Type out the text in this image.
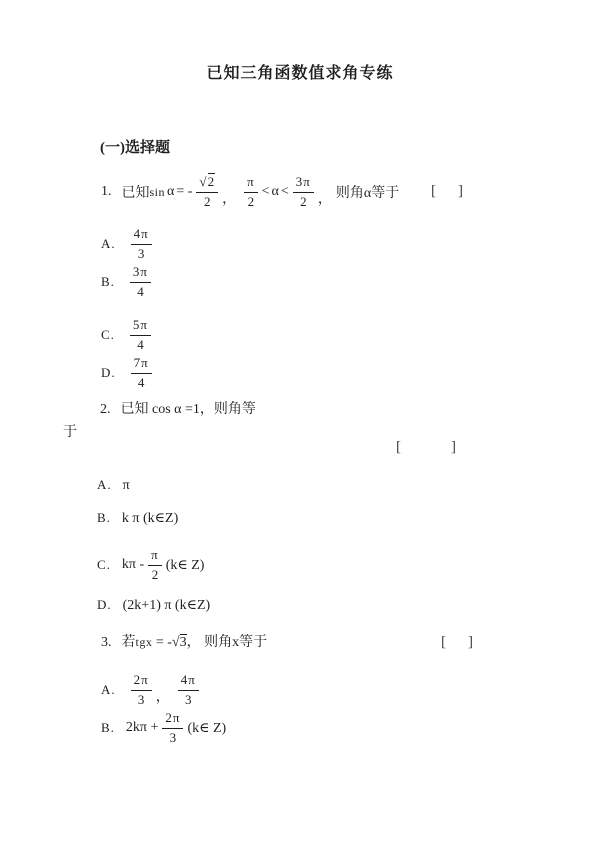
已知三角函数值求角专练
(一)选择题
1. 已知 sin α = - $\frac{√2}{2}$ ， $\frac{\pi}{2} < \alpha < \frac{3\pi}{2}$ ， 则角α等于 [ ]
A. $\frac{4\pi}{3}$
B. $\frac{3\pi}{4}$
C. $\frac{5\pi}{4}$
D. $\frac{7\pi}{4}$
2. 已知 cos α =1，则角等
于
[	]
A. π
B. k π (k∈Z)
C. kπ - $\frac{\pi}{2}$ (k∈ Z)
D. (2k+1) π (k∈Z)
3. 若tgx = -√3， 则角x等于	[ ]
A. $\frac{2\pi}{3}$ ， $\frac{4\pi}{3}$
B. $2k\pi + \frac{2\pi}{3}$ (k∈ Z)
